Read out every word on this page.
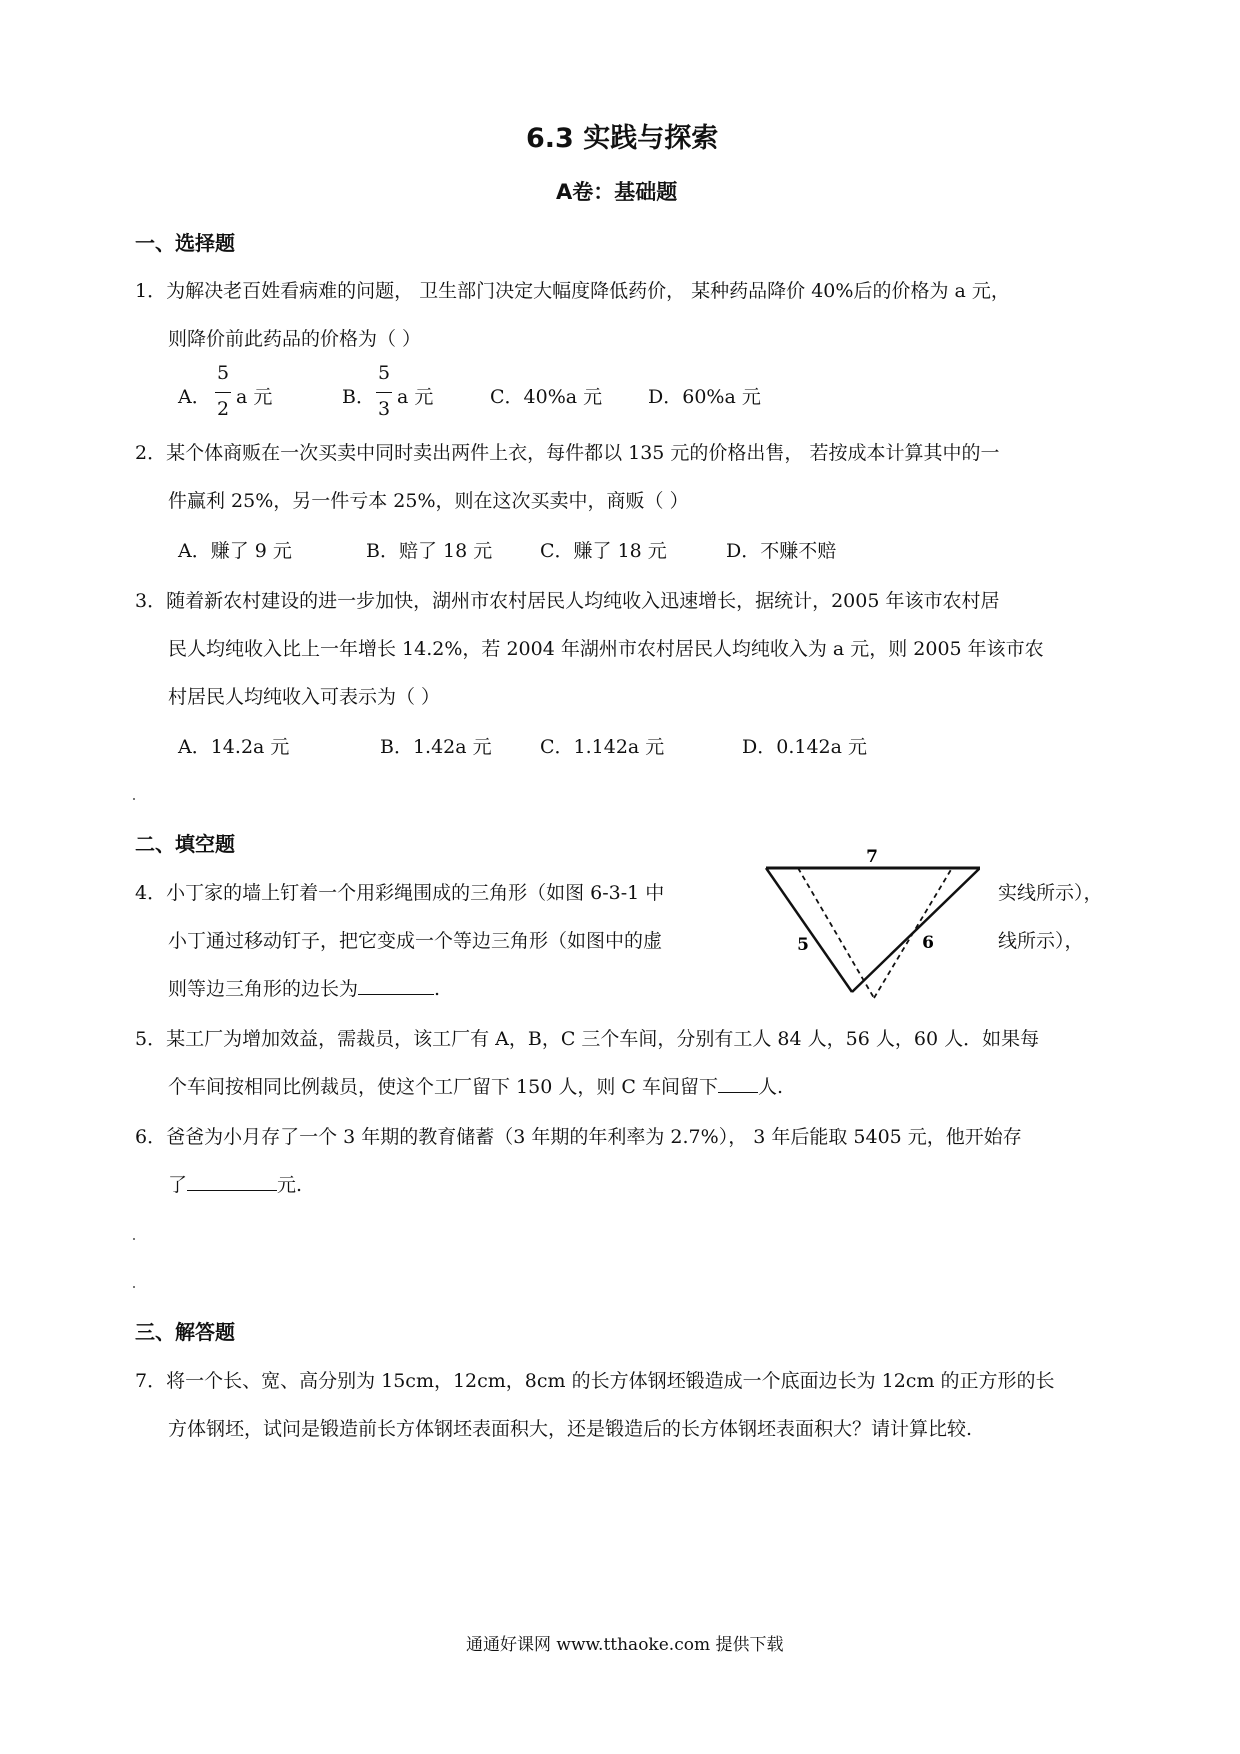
6.3 实践与探索
A卷：基础题
一、选择题
1．为解决老百姓看病难的问题， 卫生部门决定大幅度降低药价， 某种药品降价 40%后的价格为 a 元，
则降价前此药品的价格为（ ）
A．
5
2
a 元	B．
5
3
a 元	C．40%a 元 D．60%a 元
2．某个体商贩在一次买卖中同时卖出两件上衣，每件都以 135 元的价格出售， 若按成本计算其中的一
件赢利 25%，另一件亏本 25%，则在这次买卖中，商贩（ ）
A．赚了 9 元	B．赔了 18 元	C．赚了 18 元	D．不赚不赔
3．随着新农村建设的进一步加快，湖州市农村居民人均纯收入迅速增长，据统计，2005 年该市农村居
民人均纯收入比上一年增长 14.2%，若 2004 年湖州市农村居民人均纯收入为 a 元，则 2005 年该市农
村居民人均纯收入可表示为（ ）
A．14.2a 元	B．1.42a 元	C．1.142a 元	D．0.142a 元
二、填空题
4．小丁家的墙上钉着一个用彩绳围成的三角形（如图 6-3-1 中	实线所示），
小丁通过移动钉子，把它变成一个等边三角形（如图中的虚	线所示），
则等边三角形的边长为	.
7
5	6
5．某工厂为增加效益，需裁员，该工厂有 A，B，C 三个车间，分别有工人 84 人，56 人，60 人．如果每
个车间按相同比例裁员，使这个工厂留下 150 人，则 C 车间留下 人.
6．爸爸为小月存了一个 3 年期的教育储蓄（3 年期的年利率为 2.7%）， 3 年后能取 5405 元，他开始存
了	元.
三、解答题
7．将一个长、宽、高分别为 15cm，12cm，8cm 的长方体钢坯锻造成一个底面边长为 12cm 的正方形的长
方体钢坯，试问是锻造前长方体钢坯表面积大，还是锻造后的长方体钢坯表面积大？请计算比较.
通通好课网 www.tthaoke.com 提供下载
